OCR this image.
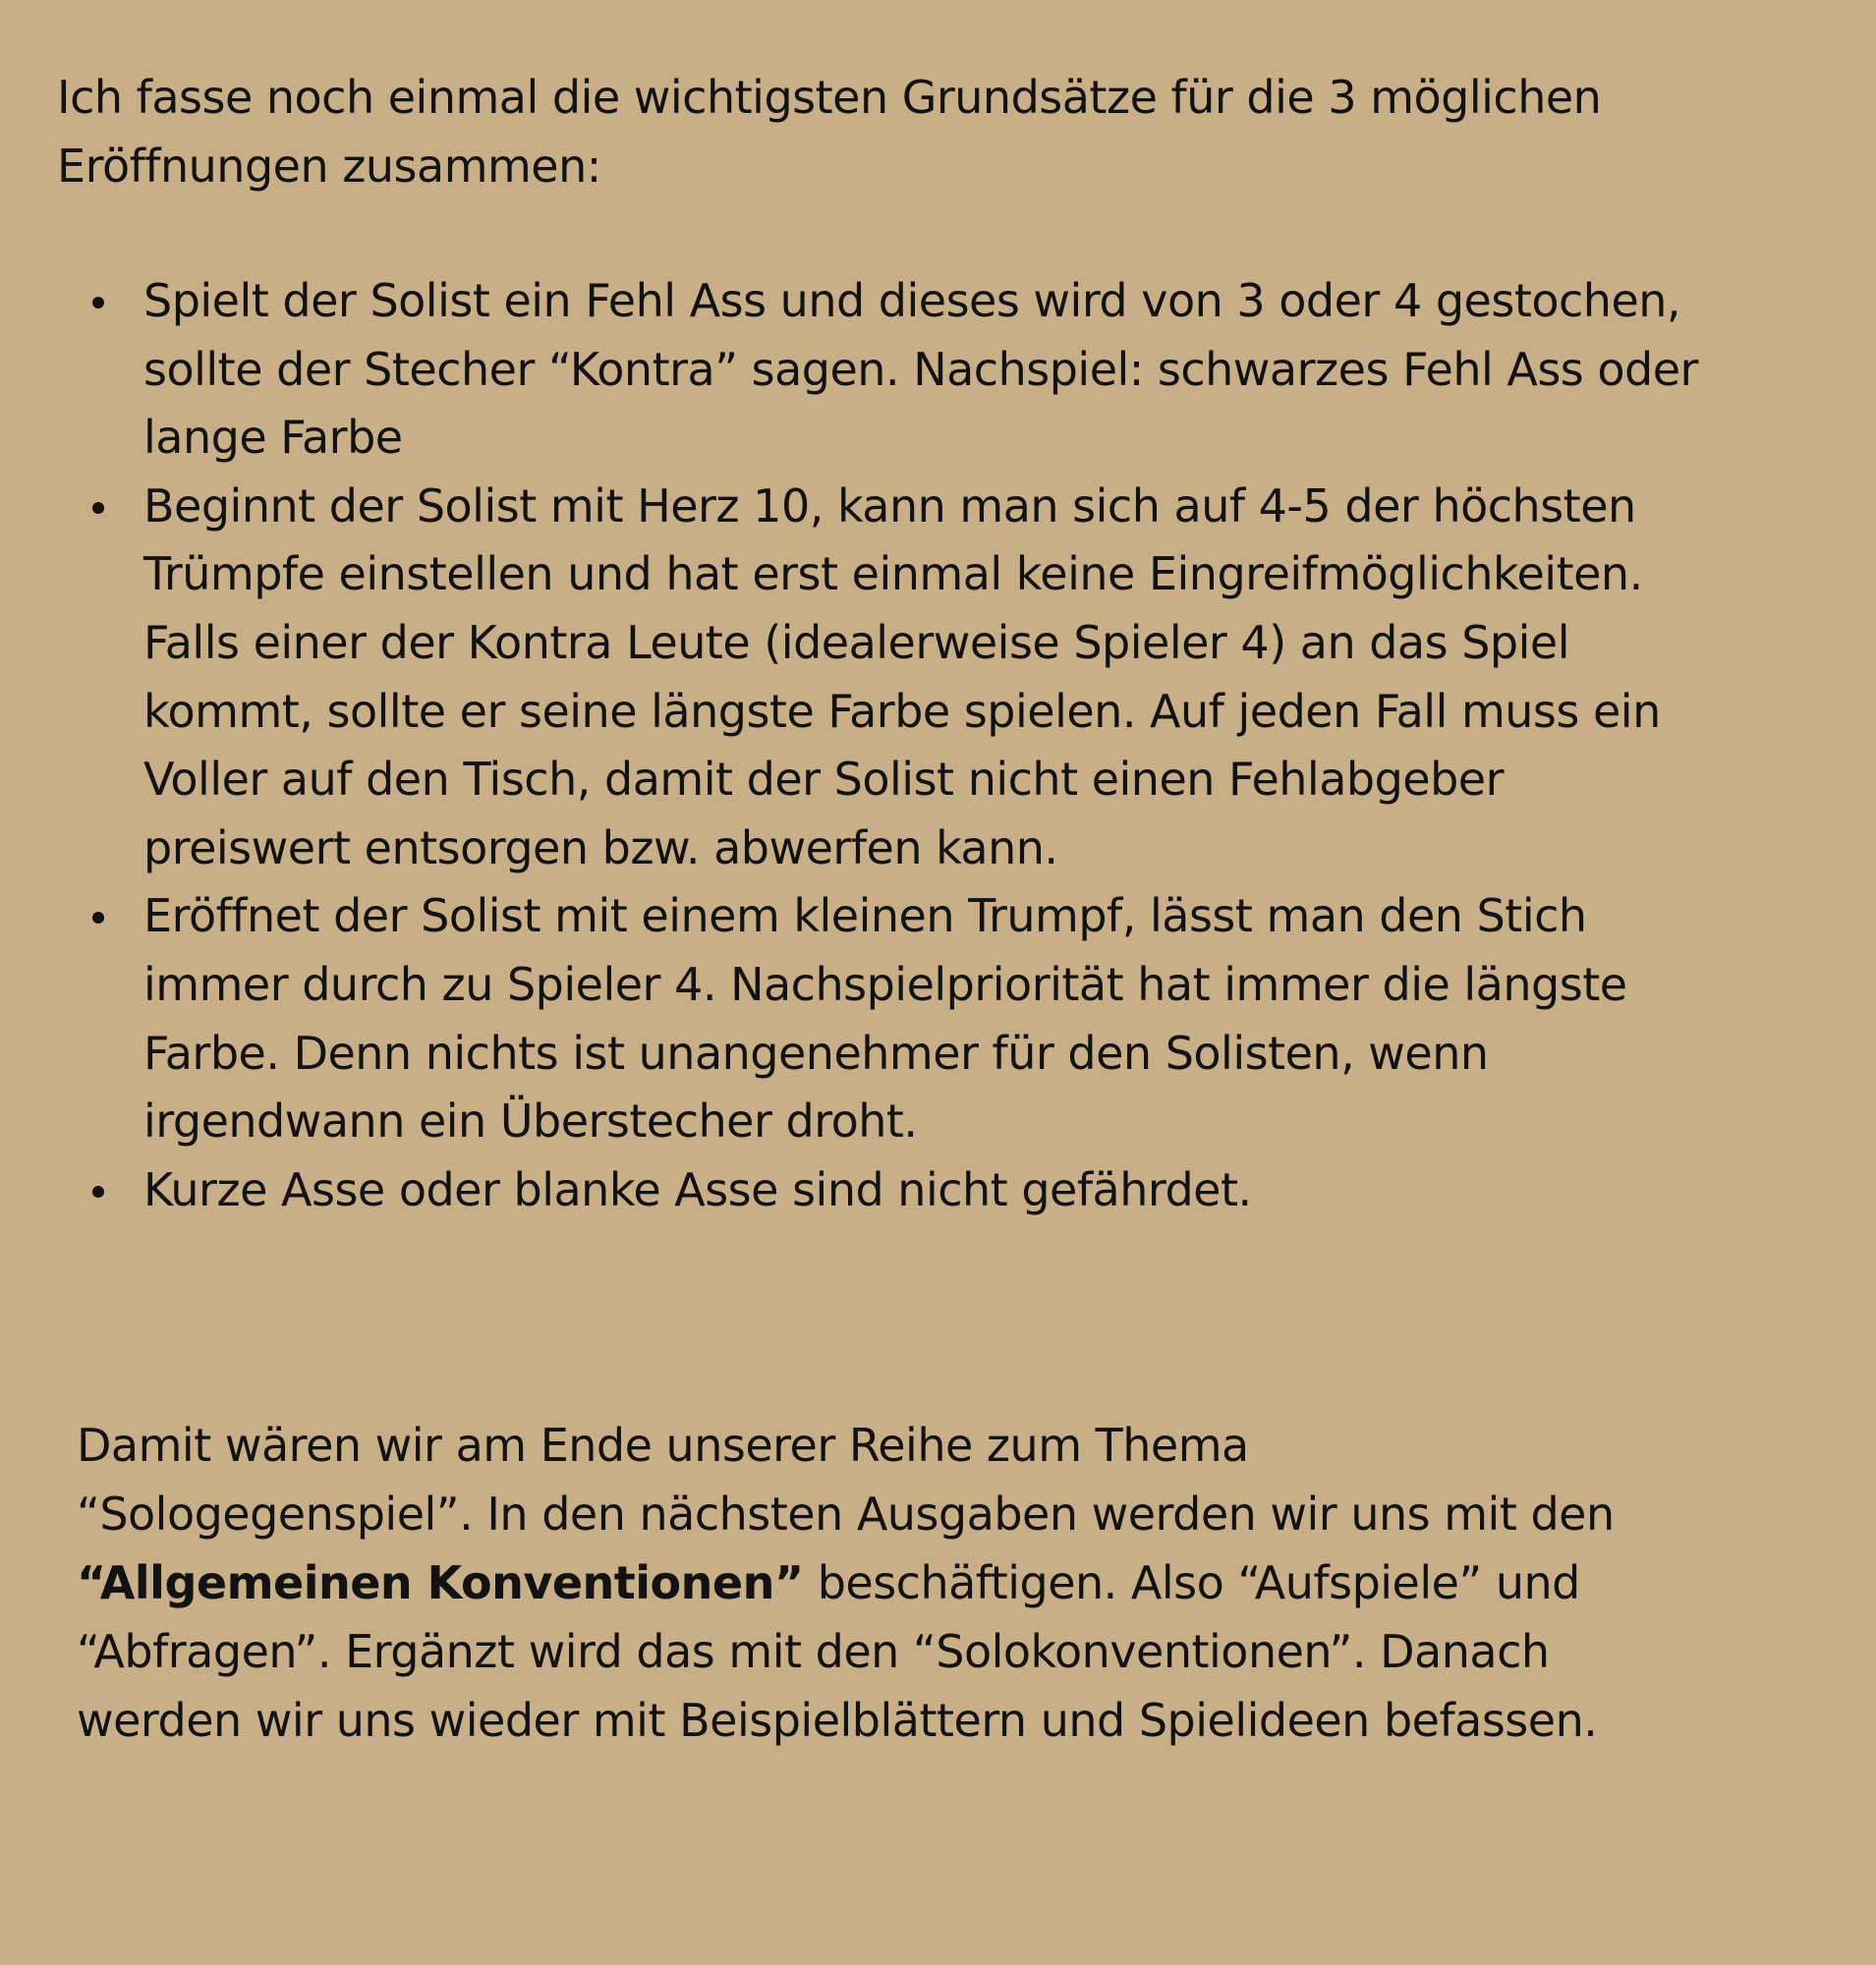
Ich fasse noch einmal die wichtigsten Grundsätze für die 3 möglichen
Eröffnungen zusammen:

Spielt der Solist ein Fehl Ass und dieses wird von 3 oder 4 gestochen,
sollte der Stecher “Kontra” sagen. Nachspiel: schwarzes Fehl Ass oder
lange Farbe
Beginnt der Solist mit Herz 10, kann man sich auf 4-5 der höchsten
Trümpfe einstellen und hat erst einmal keine Eingreifmöglichkeiten.
Falls einer der Kontra Leute (idealerweise Spieler 4) an das Spiel
kommt, sollte er seine längste Farbe spielen. Auf jeden Fall muss ein
Voller auf den Tisch, damit der Solist nicht einen Fehlabgeber
preiswert entsorgen bzw. abwerfen kann.
Eröffnet der Solist mit einem kleinen Trumpf, lässt man den Stich
immer durch zu Spieler 4. Nachspielpriorität hat immer die längste
Farbe. Denn nichts ist unangenehmer für den Solisten, wenn
irgendwann ein Überstecher droht.
Kurze Asse oder blanke Asse sind nicht gefährdet.

Damit wären wir am Ende unserer Reihe zum Thema
“Sologegenspiel”. In den nächsten Ausgaben werden wir uns mit den
“Allgemeinen Konventionen” beschäftigen. Also “Aufspiele” und
“Abfragen”. Ergänzt wird das mit den “Solokonventionen”. Danach
werden wir uns wieder mit Beispielblättern und Spielideen befassen.
